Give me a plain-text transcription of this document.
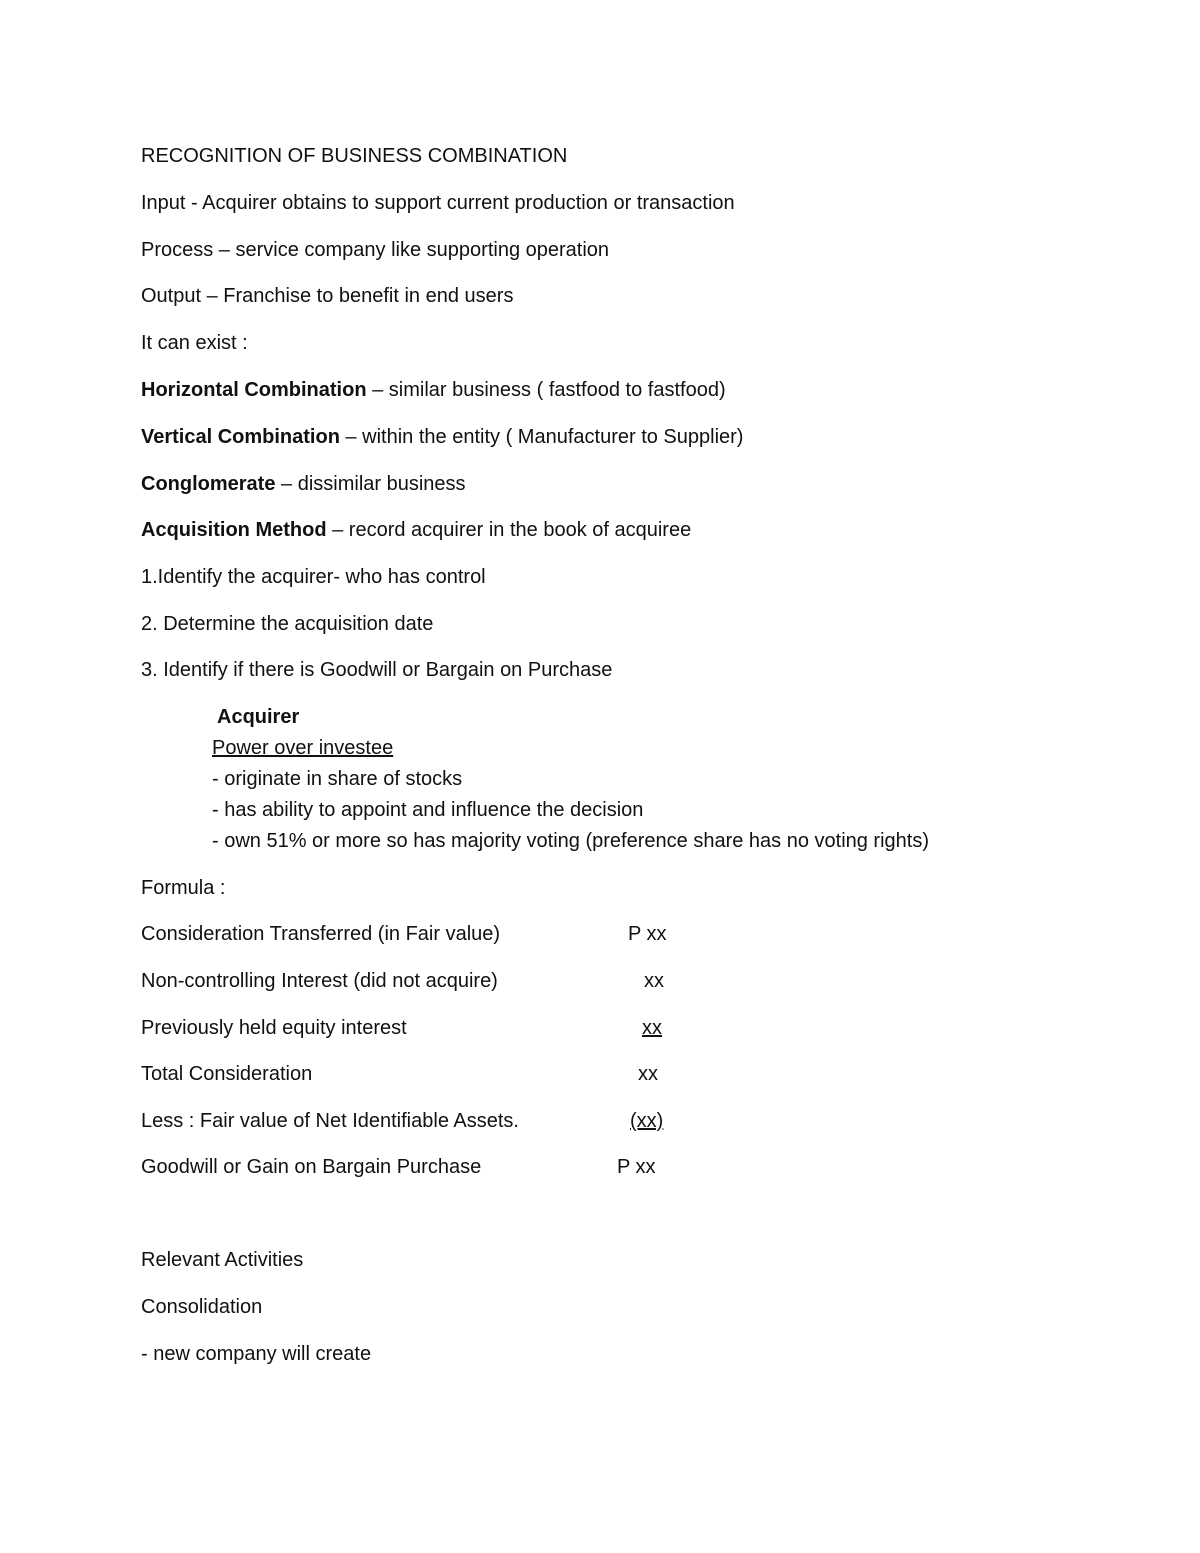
RECOGNITION OF BUSINESS COMBINATION
Input - Acquirer obtains to support current production or transaction
Process – service company like supporting operation
Output – Franchise to benefit in end users
It can exist :
Horizontal Combination – similar business ( fastfood to fastfood)
Vertical Combination – within the entity ( Manufacturer to Supplier)
Conglomerate – dissimilar business
Acquisition Method – record acquirer in the book of acquiree
1.Identify the acquirer- who has control
2. Determine the acquisition date
3. Identify if there is Goodwill or Bargain on Purchase
Acquirer
Power over investee
- originate in share of stocks
- has ability to appoint and influence the decision
- own 51% or more so has majority voting (preference share has no voting rights)
Formula :
Consideration Transferred (in Fair value)	P xx
Non-controlling Interest (did not acquire)	xx
Previously held equity interest	xx
Total Consideration	xx
Less : Fair value of Net Identifiable Assets.	(xx)
Goodwill or Gain on Bargain Purchase	P xx
Relevant Activities
Consolidation
- new company will create
